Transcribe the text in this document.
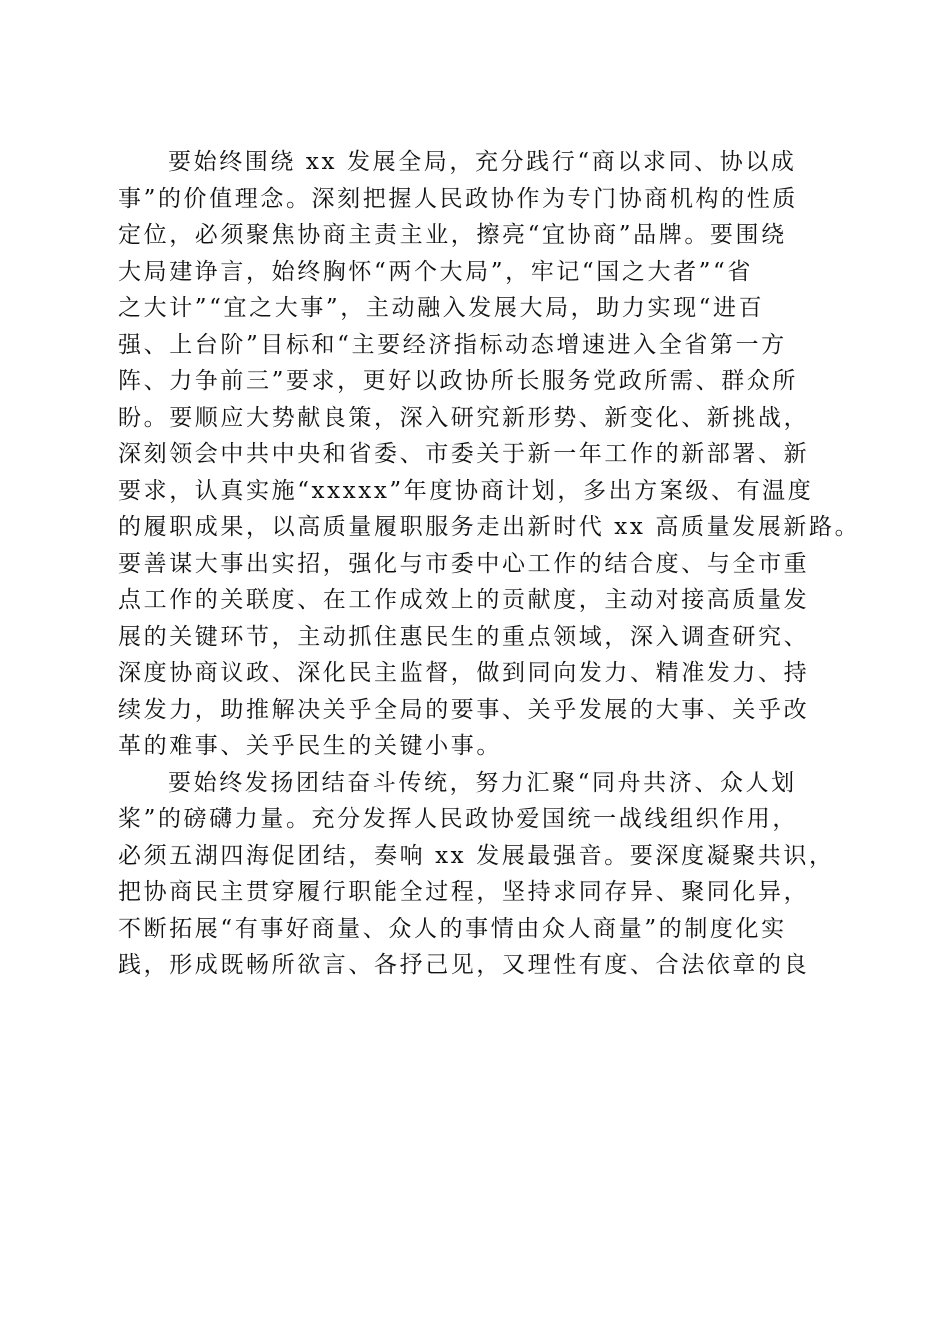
要始终围绕 xx 发展全局，充分践行“商以求同、协以成
事”的价值理念。深刻把握人民政协作为专门协商机构的性质
定位，必须聚焦协商主责主业，擦亮“宜协商”品牌。要围绕
大局建诤言，始终胸怀“两个大局”，牢记“国之大者”“省
之大计”“宜之大事”，主动融入发展大局，助力实现“进百
强、上台阶”目标和“主要经济指标动态增速进入全省第一方
阵、力争前三”要求，更好以政协所长服务党政所需、群众所
盼。要顺应大势献良策，深入研究新形势、新变化、新挑战，
深刻领会中共中央和省委、市委关于新一年工作的新部署、新
要求，认真实施“xxxxx”年度协商计划，多出方案级、有温度
的履职成果，以高质量履职服务走出新时代 xx 高质量发展新路。
要善谋大事出实招，强化与市委中心工作的结合度、与全市重
点工作的关联度、在工作成效上的贡献度，主动对接高质量发
展的关键环节，主动抓住惠民生的重点领域，深入调查研究、
深度协商议政、深化民主监督，做到同向发力、精准发力、持
续发力，助推解决关乎全局的要事、关乎发展的大事、关乎改
革的难事、关乎民生的关键小事。
要始终发扬团结奋斗传统，努力汇聚“同舟共济、众人划
桨”的磅礴力量。充分发挥人民政协爱国统一战线组织作用，
必须五湖四海促团结，奏响 xx 发展最强音。要深度凝聚共识，
把协商民主贯穿履行职能全过程，坚持求同存异、聚同化异，
不断拓展“有事好商量、众人的事情由众人商量”的制度化实
践，形成既畅所欲言、各抒己见，又理性有度、合法依章的良
